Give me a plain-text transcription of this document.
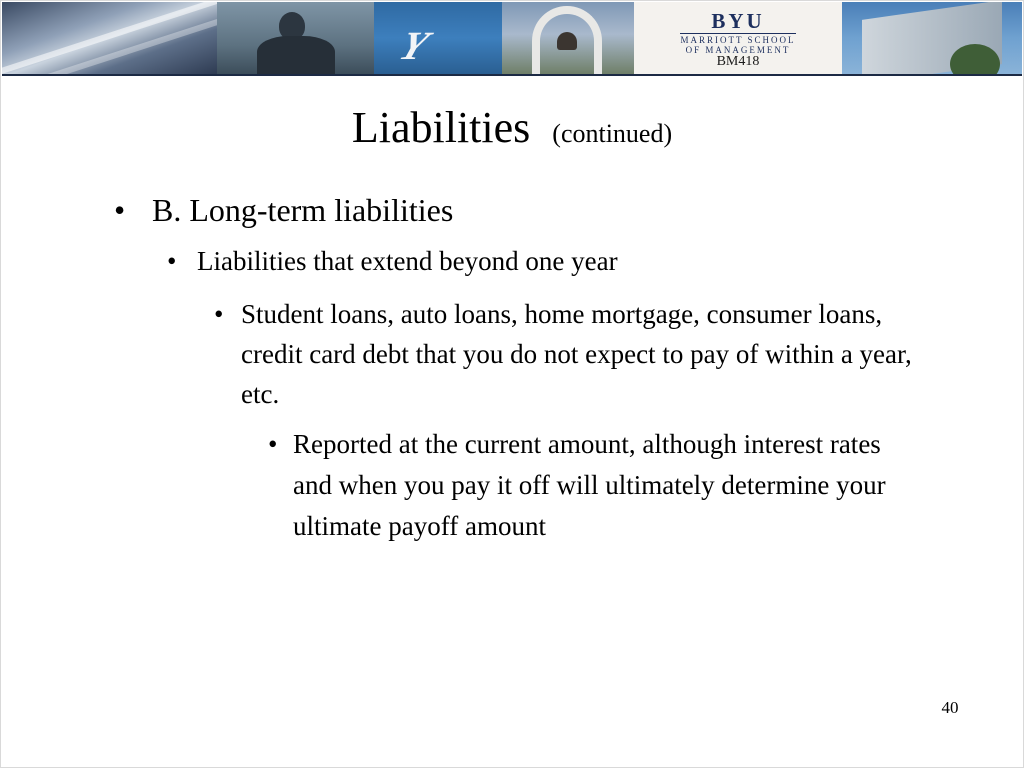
Y
BYU
MARRIOTT SCHOOL
OF MANAGEMENT
BM418
Liabilities (continued)
• B. Long-term liabilities
• Liabilities that extend beyond one year
• Student loans, auto loans, home mortgage, consumer loans, credit card debt that you do not expect to pay of within a year, etc.
• Reported at the current amount, although interest rates and when you pay it off will ultimately determine your ultimate payoff amount
40
